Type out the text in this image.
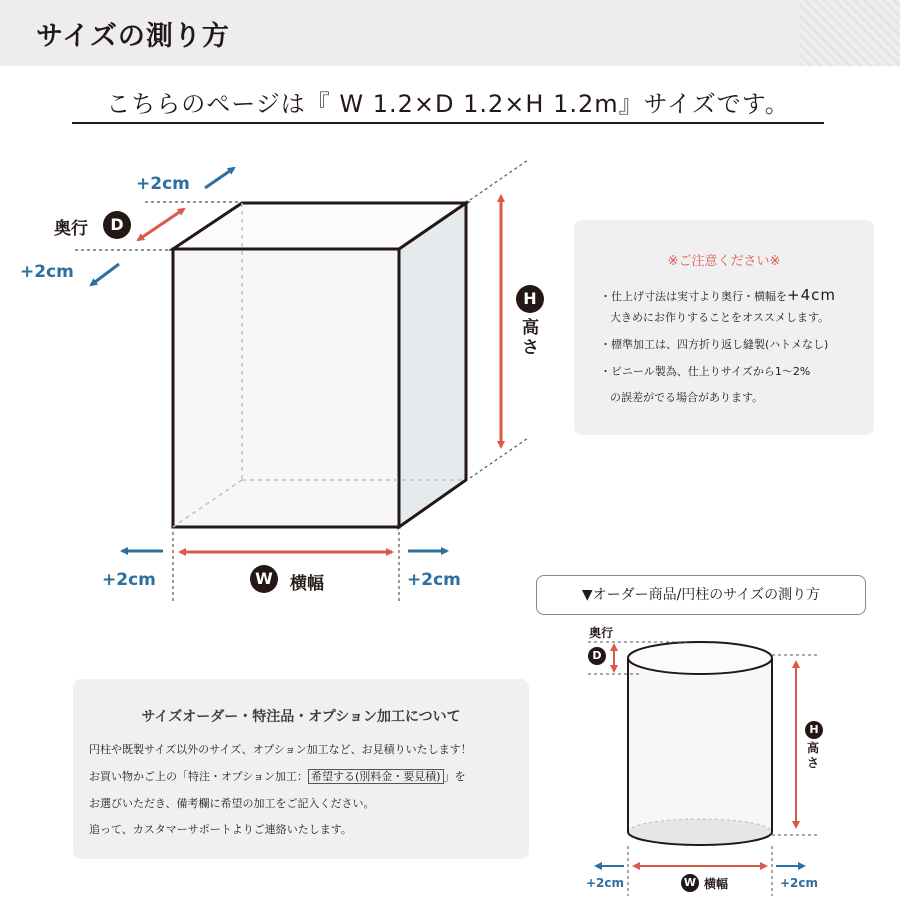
サイズの測り方
こちらのページは『 W 1.2×D 1.2×H 1.2m』サイズです。
+2cm
奥行	D
+2cm
H
高さ
W	横幅
+2cm	+2cm
※ご注意ください※
・仕上げ寸法は実寸より奥行・横幅を+4cm
大きめにお作りすることをオススメします。
・標準加工は、四方折り返し縫製(ハトメなし)
・ビニール製為、仕上りサイズから1〜2%
の誤差がでる場合があります。
サイズオーダー・特注品・オプション加工について
円柱や既製サイズ以外のサイズ、オプション加工など、お見積りいたします！
お買い物かご上の「特注・オプション加工： 希望する(別料金・要見積) 」を
お選びいただき、備考欄に希望の加工をご記入ください。
追って、カスタマーサポートよりご連絡いたします。
▼オーダー商品/円柱のサイズの測り方
奥行
D
H
高さ
W 横幅
+2cm	+2cm
